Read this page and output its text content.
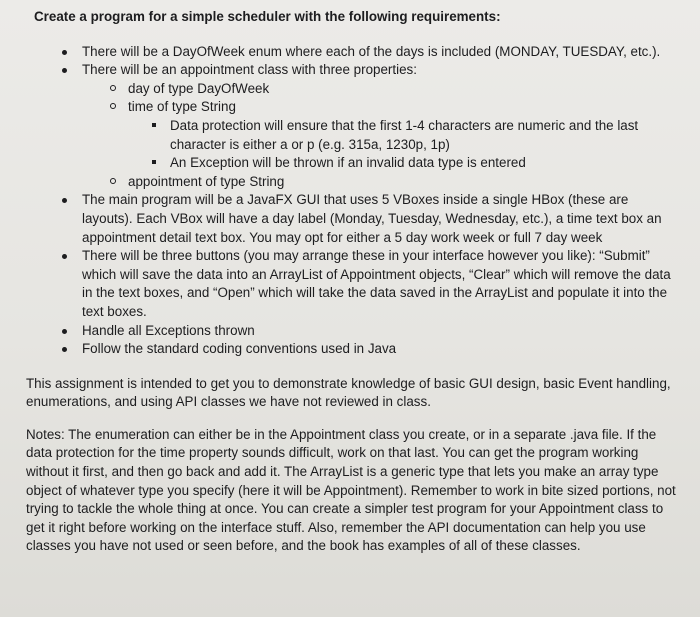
Create a program for a simple scheduler with the following requirements:
There will be a DayOfWeek enum where each of the days is included (MONDAY, TUESDAY, etc.).
There will be an appointment class with three properties:
day of type DayOfWeek
time of type String
Data protection will ensure that the first 1-4 characters are numeric and the last character is either a or p (e.g. 315a, 1230p, 1p)
An Exception will be thrown if an invalid data type is entered
appointment of type String
The main program will be a JavaFX GUI that uses 5 VBoxes inside a single HBox (these are layouts). Each VBox will have a day label (Monday, Tuesday, Wednesday, etc.), a time text box an appointment detail text box. You may opt for either a 5 day work week or full 7 day week
There will be three buttons (you may arrange these in your interface however you like): “Submit” which will save the data into an ArrayList of Appointment objects, “Clear” which will remove the data in the text boxes, and “Open” which will take the data saved in the ArrayList and populate it into the text boxes.
Handle all Exceptions thrown
Follow the standard coding conventions used in Java

This assignment is intended to get you to demonstrate knowledge of basic GUI design, basic Event handling, enumerations, and using API classes we have not reviewed in class.

Notes: The enumeration can either be in the Appointment class you create, or in a separate .java file. If the data protection for the time property sounds difficult, work on that last. You can get the program working without it first, and then go back and add it. The ArrayList is a generic type that lets you make an array type object of whatever type you specify (here it will be Appointment). Remember to work in bite sized portions, not trying to tackle the whole thing at once. You can create a simpler test program for your Appointment class to get it right before working on the interface stuff. Also, remember the API documentation can help you use classes you have not used or seen before, and the book has examples of all of these classes.
